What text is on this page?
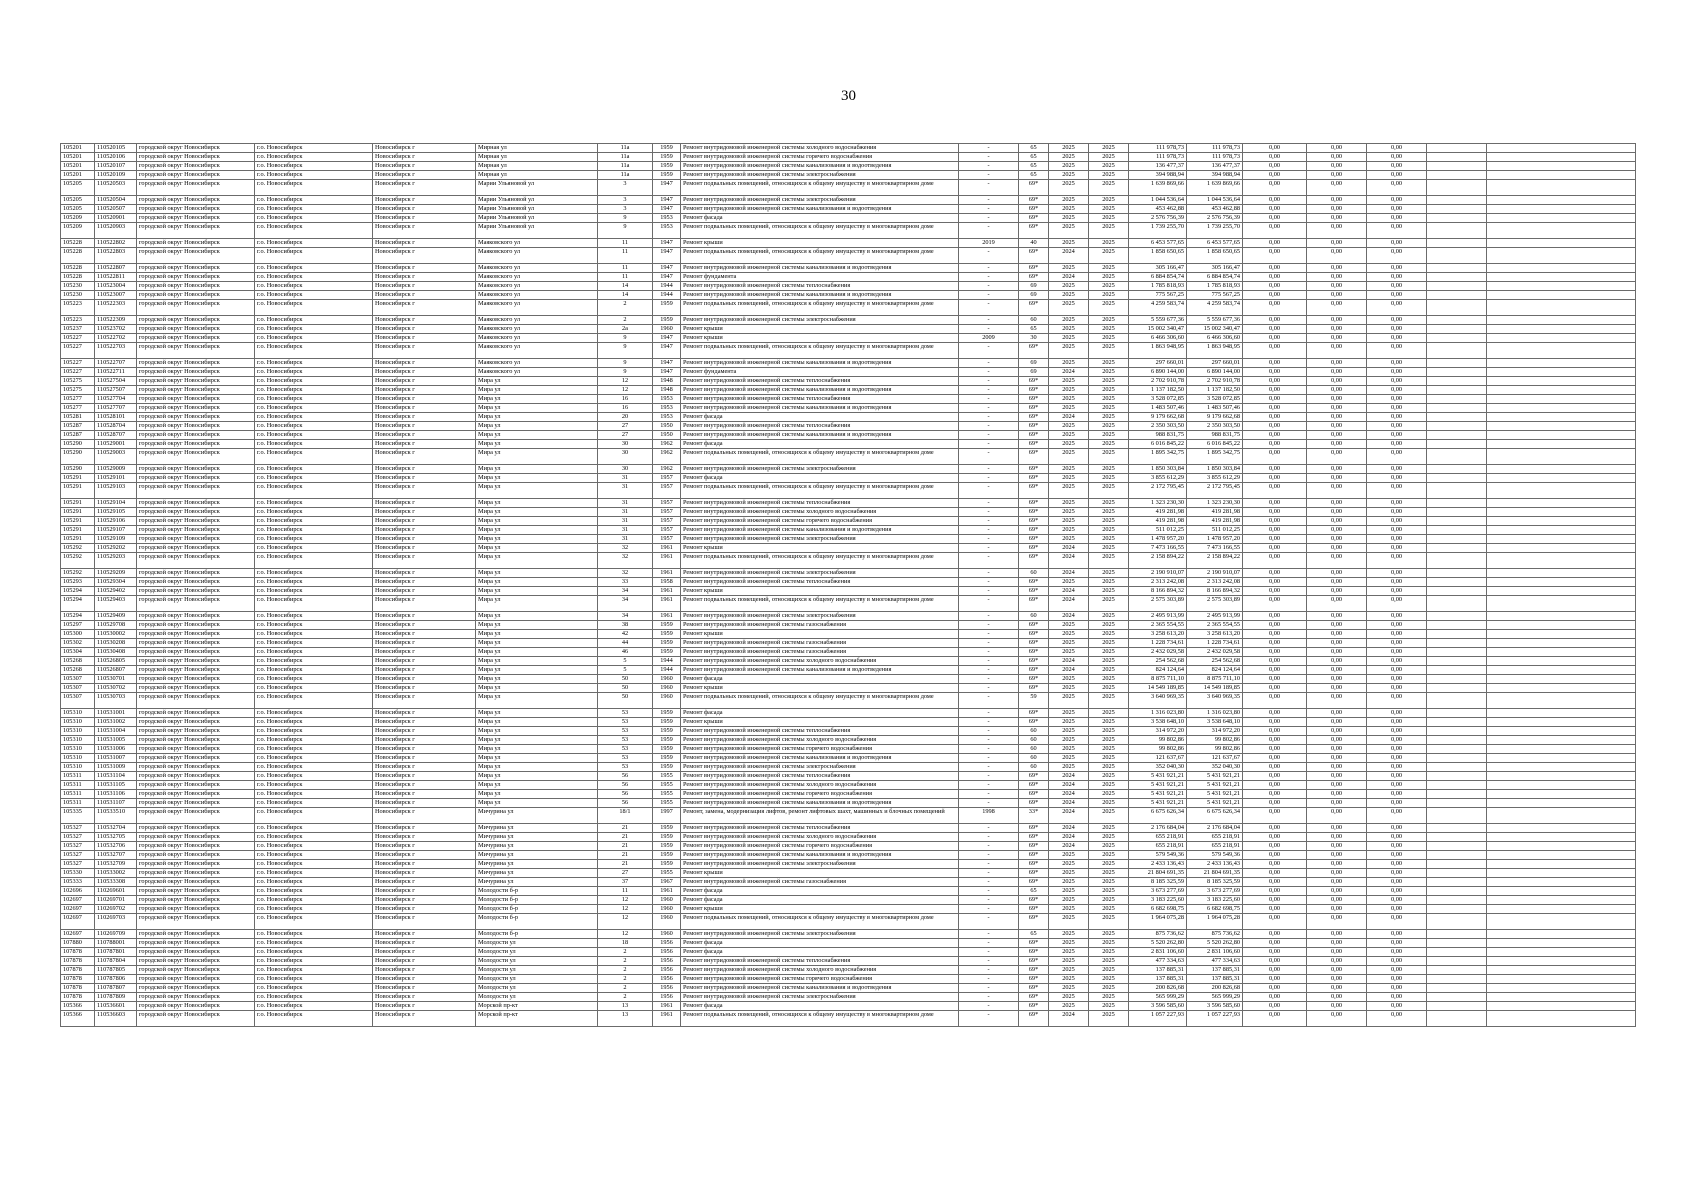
30
105201	110520105	городской округ Новосибирск	г.о. Новосибирск	Новосибирск г	Мирная ул	11а	1959	Ремонт внутридомовой инженерной системы холодного водоснабжения	-	65	2025	2025	111 978,73	111 978,73	0,00	0,00	0,00		
105201	110520106	городской округ Новосибирск	г.о. Новосибирск	Новосибирск г	Мирная ул	11а	1959	Ремонт внутридомовой инженерной системы горячего водоснабжения	-	65	2025	2025	111 978,73	111 978,73	0,00	0,00	0,00		
105201	110520107	городской округ Новосибирск	г.о. Новосибирск	Новосибирск г	Мирная ул	11а	1959	Ремонт внутридомовой инженерной системы канализования и водоотведения	-	65	2025	2025	136 477,37	136 477,37	0,00	0,00	0,00		
105201	110520109	городской округ Новосибирск	г.о. Новосибирск	Новосибирск г	Мирная ул	11а	1959	Ремонт внутридомовой инженерной системы электроснабжения	-	65	2025	2025	394 988,94	394 988,94	0,00	0,00	0,00		
105205	110520503	городской округ Новосибирск	г.о. Новосибирск	Новосибирск г	Марии Ульяновой ул	3	1947	Ремонт подвальных помещений, относящихся к общему имуществу в многоквартирном доме	-	69*	2025	2025	1 639 869,66	1 639 869,66	0,00	0,00	0,00		
105205	110520504	городской округ Новосибирск	г.о. Новосибирск	Новосибирск г	Марии Ульяновой ул	3	1947	Ремонт внутридомовой инженерной системы электроснабжения	-	69*	2025	2025	1 044 536,64	1 044 536,64	0,00	0,00	0,00		
105205	110520507	городской округ Новосибирск	г.о. Новосибирск	Новосибирск г	Марии Ульяновой ул	3	1947	Ремонт внутридомовой инженерной системы канализования и водоотведения	-	69*	2025	2025	453 462,88	453 462,88	0,00	0,00	0,00		
105209	110520901	городской округ Новосибирск	г.о. Новосибирск	Новосибирск г	Марии Ульяновой ул	9	1953	Ремонт фасада	-	69*	2025	2025	2 576 756,39	2 576 756,39	0,00	0,00	0,00		
105209	110520903	городской округ Новосибирск	г.о. Новосибирск	Новосибирск г	Марии Ульяновой ул	9	1953	Ремонт подвальных помещений, относящихся к общему имуществу в многоквартирном доме	-	69*	2025	2025	1 739 255,70	1 739 255,70	0,00	0,00	0,00		
105228	110522802	городской округ Новосибирск	г.о. Новосибирск	Новосибирск г	Маяковского ул	11	1947	Ремонт крыши	2019	40	2025	2025	6 453 577,65	6 453 577,65	0,00	0,00	0,00		
105228	110522803	городской округ Новосибирск	г.о. Новосибирск	Новосибирск г	Маяковского ул	11	1947	Ремонт подвальных помещений, относящихся к общему имуществу в многоквартирном доме	-	69*	2024	2025	1 858 650,65	1 858 650,65	0,00	0,00	0,00		
105228	110522807	городской округ Новосибирск	г.о. Новосибирск	Новосибирск г	Маяковского ул	11	1947	Ремонт внутридомовой инженерной системы канализования и водоотведения	-	69*	2025	2025	305 166,47	305 166,47	0,00	0,00	0,00		
105228	110522811	городской округ Новосибирск	г.о. Новосибирск	Новосибирск г	Маяковского ул	11	1947	Ремонт фундамента	-	69*	2024	2025	6 884 854,74	6 884 854,74	0,00	0,00	0,00		
105230	110523004	городской округ Новосибирск	г.о. Новосибирск	Новосибирск г	Маяковского ул	14	1944	Ремонт внутридомовой инженерной системы теплоснабжения	-	69	2025	2025	1 785 818,93	1 785 818,93	0,00	0,00	0,00		
105230	110523007	городской округ Новосибирск	г.о. Новосибирск	Новосибирск г	Маяковского ул	14	1944	Ремонт внутридомовой инженерной системы канализования и водоотведения	-	69	2025	2025	775 567,25	775 567,25	0,00	0,00	0,00		
105223	110522303	городской округ Новосибирск	г.о. Новосибирск	Новосибирск г	Маяковского ул	2	1959	Ремонт подвальных помещений, относящихся к общему имуществу в многоквартирном доме	-	69*	2025	2025	4 259 583,74	4 259 583,74	0,00	0,00	0,00		
105223	110522309	городской округ Новосибирск	г.о. Новосибирск	Новосибирск г	Маяковского ул	2	1959	Ремонт внутридомовой инженерной системы электроснабжения	-	60	2025	2025	5 559 677,36	5 559 677,36	0,00	0,00	0,00		
105237	110523702	городской округ Новосибирск	г.о. Новосибирск	Новосибирск г	Маяковского ул	2а	1960	Ремонт крыши	-	65	2025	2025	15 002 340,47	15 002 340,47	0,00	0,00	0,00		
105227	110522702	городской округ Новосибирск	г.о. Новосибирск	Новосибирск г	Маяковского ул	9	1947	Ремонт крыши	2009	30	2025	2025	6 466 306,60	6 466 306,60	0,00	0,00	0,00		
105227	110522703	городской округ Новосибирск	г.о. Новосибирск	Новосибирск г	Маяковского ул	9	1947	Ремонт подвальных помещений, относящихся к общему имуществу в многоквартирном доме	-	69*	2025	2025	1 863 948,95	1 863 948,95	0,00	0,00	0,00		
105227	110522707	городской округ Новосибирск	г.о. Новосибирск	Новосибирск г	Маяковского ул	9	1947	Ремонт внутридомовой инженерной системы канализования и водоотведения	-	69	2025	2025	297 660,01	297 660,01	0,00	0,00	0,00		
105227	110522711	городской округ Новосибирск	г.о. Новосибирск	Новосибирск г	Маяковского ул	9	1947	Ремонт фундамента	-	69	2024	2025	6 890 144,00	6 890 144,00	0,00	0,00	0,00		
105275	110527504	городской округ Новосибирск	г.о. Новосибирск	Новосибирск г	Мира ул	12	1948	Ремонт внутридомовой инженерной системы теплоснабжения	-	69*	2025	2025	2 702 910,78	2 702 910,78	0,00	0,00	0,00		
105275	110527507	городской округ Новосибирск	г.о. Новосибирск	Новосибирск г	Мира ул	12	1948	Ремонт внутридомовой инженерной системы канализования и водоотведения	-	69*	2025	2025	1 137 182,50	1 137 182,50	0,00	0,00	0,00		
105277	110527704	городской округ Новосибирск	г.о. Новосибирск	Новосибирск г	Мира ул	16	1953	Ремонт внутридомовой инженерной системы теплоснабжения	-	69*	2025	2025	3 528 072,85	3 528 072,85	0,00	0,00	0,00		
105277	110527707	городской округ Новосибирск	г.о. Новосибирск	Новосибирск г	Мира ул	16	1953	Ремонт внутридомовой инженерной системы канализования и водоотведения	-	69*	2025	2025	1 483 507,46	1 483 507,46	0,00	0,00	0,00		
105281	110528101	городской округ Новосибирск	г.о. Новосибирск	Новосибирск г	Мира ул	20	1953	Ремонт фасада	-	69*	2024	2025	9 179 662,68	9 179 662,68	0,00	0,00	0,00		
105287	110528704	городской округ Новосибирск	г.о. Новосибирск	Новосибирск г	Мира ул	27	1950	Ремонт внутридомовой инженерной системы теплоснабжения	-	69*	2025	2025	2 350 303,50	2 350 303,50	0,00	0,00	0,00		
105287	110528707	городской округ Новосибирск	г.о. Новосибирск	Новосибирск г	Мира ул	27	1950	Ремонт внутридомовой инженерной системы канализования и водоотведения	-	69*	2025	2025	988 831,75	988 831,75	0,00	0,00	0,00		
105290	110529001	городской округ Новосибирск	г.о. Новосибирск	Новосибирск г	Мира ул	30	1962	Ремонт фасада	-	69*	2025	2025	6 016 845,22	6 016 845,22	0,00	0,00	0,00		
105290	110529003	городской округ Новосибирск	г.о. Новосибирск	Новосибирск г	Мира ул	30	1962	Ремонт подвальных помещений, относящихся к общему имуществу в многоквартирном доме	-	69*	2025	2025	1 895 342,75	1 895 342,75	0,00	0,00	0,00		
105290	110529009	городской округ Новосибирск	г.о. Новосибирск	Новосибирск г	Мира ул	30	1962	Ремонт внутридомовой инженерной системы электроснабжения	-	69*	2025	2025	1 850 303,84	1 850 303,84	0,00	0,00	0,00		
105291	110529101	городской округ Новосибирск	г.о. Новосибирск	Новосибирск г	Мира ул	31	1957	Ремонт фасада	-	69*	2025	2025	3 855 612,29	3 855 612,29	0,00	0,00	0,00		
105291	110529103	городской округ Новосибирск	г.о. Новосибирск	Новосибирск г	Мира ул	31	1957	Ремонт подвальных помещений, относящихся к общему имуществу в многоквартирном доме	-	69*	2025	2025	2 172 795,45	2 172 795,45	0,00	0,00	0,00		
105291	110529104	городской округ Новосибирск	г.о. Новосибирск	Новосибирск г	Мира ул	31	1957	Ремонт внутридомовой инженерной системы теплоснабжения	-	69*	2025	2025	1 323 230,30	1 323 230,30	0,00	0,00	0,00		
105291	110529105	городской округ Новосибирск	г.о. Новосибирск	Новосибирск г	Мира ул	31	1957	Ремонт внутридомовой инженерной системы холодного водоснабжения	-	69*	2025	2025	419 281,98	419 281,98	0,00	0,00	0,00		
105291	110529106	городской округ Новосибирск	г.о. Новосибирск	Новосибирск г	Мира ул	31	1957	Ремонт внутридомовой инженерной системы горячего водоснабжения	-	69*	2025	2025	419 281,98	419 281,98	0,00	0,00	0,00		
105291	110529107	городской округ Новосибирск	г.о. Новосибирск	Новосибирск г	Мира ул	31	1957	Ремонт внутридомовой инженерной системы канализования и водоотведения	-	69*	2025	2025	511 012,25	511 012,25	0,00	0,00	0,00		
105291	110529109	городской округ Новосибирск	г.о. Новосибирск	Новосибирск г	Мира ул	31	1957	Ремонт внутридомовой инженерной системы электроснабжения	-	69*	2025	2025	1 478 957,20	1 478 957,20	0,00	0,00	0,00		
105292	110529202	городской округ Новосибирск	г.о. Новосибирск	Новосибирск г	Мира ул	32	1961	Ремонт крыши	-	69*	2024	2025	7 473 166,55	7 473 166,55	0,00	0,00	0,00		
105292	110529203	городской округ Новосибирск	г.о. Новосибирск	Новосибирск г	Мира ул	32	1961	Ремонт подвальных помещений, относящихся к общему имуществу в многоквартирном доме	-	69*	2024	2025	2 158 894,22	2 158 894,22	0,00	0,00	0,00		
105292	110529209	городской округ Новосибирск	г.о. Новосибирск	Новосибирск г	Мира ул	32	1961	Ремонт внутридомовой инженерной системы электроснабжения	-	60	2024	2025	2 190 910,07	2 190 910,07	0,00	0,00	0,00		
105293	110529304	городской округ Новосибирск	г.о. Новосибирск	Новосибирск г	Мира ул	33	1958	Ремонт внутридомовой инженерной системы теплоснабжения	-	69*	2025	2025	2 313 242,08	2 313 242,08	0,00	0,00	0,00		
105294	110529402	городской округ Новосибирск	г.о. Новосибирск	Новосибирск г	Мира ул	34	1961	Ремонт крыши	-	69*	2024	2025	8 166 894,32	8 166 894,32	0,00	0,00	0,00		
105294	110529403	городской округ Новосибирск	г.о. Новосибирск	Новосибирск г	Мира ул	34	1961	Ремонт подвальных помещений, относящихся к общему имуществу в многоквартирном доме	-	69*	2024	2025	2 575 303,89	2 575 303,89	0,00	0,00	0,00		
105294	110529409	городской округ Новосибирск	г.о. Новосибирск	Новосибирск г	Мира ул	34	1961	Ремонт внутридомовой инженерной системы электроснабжения	-	60	2024	2025	2 495 913,99	2 495 913,99	0,00	0,00	0,00		
105297	110529708	городской округ Новосибирск	г.о. Новосибирск	Новосибирск г	Мира ул	38	1959	Ремонт внутридомовой инженерной системы газоснабжения	-	69*	2025	2025	2 365 554,55	2 365 554,55	0,00	0,00	0,00		
105300	110530002	городской округ Новосибирск	г.о. Новосибирск	Новосибирск г	Мира ул	42	1959	Ремонт крыши	-	69*	2025	2025	3 258 613,20	3 258 613,20	0,00	0,00	0,00		
105302	110530208	городской округ Новосибирск	г.о. Новосибирск	Новосибирск г	Мира ул	44	1959	Ремонт внутридомовой инженерной системы газоснабжения	-	69*	2025	2025	1 228 734,61	1 228 734,61	0,00	0,00	0,00		
105304	110530408	городской округ Новосибирск	г.о. Новосибирск	Новосибирск г	Мира ул	46	1959	Ремонт внутридомовой инженерной системы газоснабжения	-	69*	2025	2025	2 432 029,58	2 432 029,58	0,00	0,00	0,00		
105268	110526805	городской округ Новосибирск	г.о. Новосибирск	Новосибирск г	Мира ул	5	1944	Ремонт внутридомовой инженерной системы холодного водоснабжения	-	69*	2024	2025	254 562,68	254 562,68	0,00	0,00	0,00		
105268	110526807	городской округ Новосибирск	г.о. Новосибирск	Новосибирск г	Мира ул	5	1944	Ремонт внутридомовой инженерной системы канализования и водоотведения	-	69*	2024	2025	824 124,64	824 124,64	0,00	0,00	0,00		
105307	110530701	городской округ Новосибирск	г.о. Новосибирск	Новосибирск г	Мира ул	50	1960	Ремонт фасада	-	69*	2025	2025	8 875 711,10	8 875 711,10	0,00	0,00	0,00		
105307	110530702	городской округ Новосибирск	г.о. Новосибирск	Новосибирск г	Мира ул	50	1960	Ремонт крыши	-	69*	2025	2025	14 549 189,85	14 549 189,85	0,00	0,00	0,00		
105307	110530703	городской округ Новосибирск	г.о. Новосибирск	Новосибирск г	Мира ул	50	1960	Ремонт подвальных помещений, относящихся к общему имуществу в многоквартирном доме	-	59	2025	2025	3 640 969,35	3 640 969,35	0,00	0,00	0,00		
105310	110531001	городской округ Новосибирск	г.о. Новосибирск	Новосибирск г	Мира ул	53	1959	Ремонт фасада	-	69*	2025	2025	1 316 023,80	1 316 023,80	0,00	0,00	0,00		
105310	110531002	городской округ Новосибирск	г.о. Новосибирск	Новосибирск г	Мира ул	53	1959	Ремонт крыши	-	69*	2025	2025	3 538 648,10	3 538 648,10	0,00	0,00	0,00		
105310	110531004	городской округ Новосибирск	г.о. Новосибирск	Новосибирск г	Мира ул	53	1959	Ремонт внутридомовой инженерной системы теплоснабжения	-	60	2025	2025	314 972,20	314 972,20	0,00	0,00	0,00		
105310	110531005	городской округ Новосибирск	г.о. Новосибирск	Новосибирск г	Мира ул	53	1959	Ремонт внутридомовой инженерной системы холодного водоснабжения	-	60	2025	2025	99 802,86	99 802,86	0,00	0,00	0,00		
105310	110531006	городской округ Новосибирск	г.о. Новосибирск	Новосибирск г	Мира ул	53	1959	Ремонт внутридомовой инженерной системы горячего водоснабжения	-	60	2025	2025	99 802,86	99 802,86	0,00	0,00	0,00		
105310	110531007	городской округ Новосибирск	г.о. Новосибирск	Новосибирск г	Мира ул	53	1959	Ремонт внутридомовой инженерной системы канализования и водоотведения	-	60	2025	2025	121 637,67	121 637,67	0,00	0,00	0,00		
105310	110531009	городской округ Новосибирск	г.о. Новосибирск	Новосибирск г	Мира ул	53	1959	Ремонт внутридомовой инженерной системы электроснабжения	-	60	2025	2025	352 040,30	352 040,30	0,00	0,00	0,00		
105311	110531104	городской округ Новосибирск	г.о. Новосибирск	Новосибирск г	Мира ул	56	1955	Ремонт внутридомовой инженерной системы теплоснабжения	-	69*	2024	2025	5 431 921,21	5 431 921,21	0,00	0,00	0,00		
105311	110531105	городской округ Новосибирск	г.о. Новосибирск	Новосибирск г	Мира ул	56	1955	Ремонт внутридомовой инженерной системы холодного водоснабжения	-	69*	2024	2025	5 431 921,21	5 431 921,21	0,00	0,00	0,00		
105311	110531106	городской округ Новосибирск	г.о. Новосибирск	Новосибирск г	Мира ул	56	1955	Ремонт внутридомовой инженерной системы горячего водоснабжения	-	69*	2024	2025	5 431 921,21	5 431 921,21	0,00	0,00	0,00		
105311	110531107	городской округ Новосибирск	г.о. Новосибирск	Новосибирск г	Мира ул	56	1955	Ремонт внутридомовой инженерной системы канализования и водоотведения	-	69*	2024	2025	5 431 921,21	5 431 921,21	0,00	0,00	0,00		
105335	110533510	городской округ Новосибирск	г.о. Новосибирск	Новосибирск г	Мичурина ул	18/1	1997	Ремонт, замена, модернизация лифтов, ремонт лифтовых шахт, машинных и блочных помещений	1998	33*	2024	2025	6 675 626,34	6 675 626,34	0,00	0,00	0,00		
105327	110532704	городской округ Новосибирск	г.о. Новосибирск	Новосибирск г	Мичурина ул	21	1959	Ремонт внутридомовой инженерной системы теплоснабжения	-	69*	2024	2025	2 176 684,04	2 176 684,04	0,00	0,00	0,00		
105327	110532705	городской округ Новосибирск	г.о. Новосибирск	Новосибирск г	Мичурина ул	21	1959	Ремонт внутридомовой инженерной системы холодного водоснабжения	-	69*	2024	2025	655 218,91	655 218,91	0,00	0,00	0,00		
105327	110532706	городской округ Новосибирск	г.о. Новосибирск	Новосибирск г	Мичурина ул	21	1959	Ремонт внутридомовой инженерной системы горячего водоснабжения	-	69*	2024	2025	655 218,91	655 218,91	0,00	0,00	0,00		
105327	110532707	городской округ Новосибирск	г.о. Новосибирск	Новосибирск г	Мичурина ул	21	1959	Ремонт внутридомовой инженерной системы канализования и водоотведения	-	69*	2025	2025	579 549,36	579 549,36	0,00	0,00	0,00		
105327	110532709	городской округ Новосибирск	г.о. Новосибирск	Новосибирск г	Мичурина ул	21	1959	Ремонт внутридомовой инженерной системы электроснабжения	-	69*	2025	2025	2 433 136,43	2 433 136,43	0,00	0,00	0,00		
105330	110533002	городской округ Новосибирск	г.о. Новосибирск	Новосибирск г	Мичурина ул	27	1955	Ремонт крыши	-	69*	2025	2025	21 804 691,35	21 804 691,35	0,00	0,00	0,00		
105333	110533308	городской округ Новосибирск	г.о. Новосибирск	Новосибирск г	Мичурина ул	37	1967	Ремонт внутридомовой инженерной системы газоснабжения	-	69*	2025	2025	8 185 325,59	8 185 325,59	0,00	0,00	0,00		
102696	110269601	городской округ Новосибирск	г.о. Новосибирск	Новосибирск г	Молодости б-р	11	1961	Ремонт фасада	-	65	2025	2025	3 673 277,69	3 673 277,69	0,00	0,00	0,00		
102697	110269701	городской округ Новосибирск	г.о. Новосибирск	Новосибирск г	Молодости б-р	12	1960	Ремонт фасада	-	69*	2025	2025	3 183 225,60	3 183 225,60	0,00	0,00	0,00		
102697	110269702	городской округ Новосибирск	г.о. Новосибирск	Новосибирск г	Молодости б-р	12	1960	Ремонт крыши	-	69*	2025	2025	6 682 698,75	6 682 698,75	0,00	0,00	0,00		
102697	110269703	городской округ Новосибирск	г.о. Новосибирск	Новосибирск г	Молодости б-р	12	1960	Ремонт подвальных помещений, относящихся к общему имуществу в многоквартирном доме	-	69*	2025	2025	1 964 075,28	1 964 075,28	0,00	0,00	0,00		
102697	110269709	городской округ Новосибирск	г.о. Новосибирск	Новосибирск г	Молодости б-р	12	1960	Ремонт внутридомовой инженерной системы электроснабжения	-	65	2025	2025	875 736,62	875 736,62	0,00	0,00	0,00		
107880	110788001	городской округ Новосибирск	г.о. Новосибирск	Новосибирск г	Молодости ул	18	1956	Ремонт фасада	-	69*	2025	2025	5 520 262,80	5 520 262,80	0,00	0,00	0,00		
107878	110787801	городской округ Новосибирск	г.о. Новосибирск	Новосибирск г	Молодости ул	2	1956	Ремонт фасада	-	69*	2025	2025	2 831 106,60	2 831 106,60	0,00	0,00	0,00		
107878	110787804	городской округ Новосибирск	г.о. Новосибирск	Новосибирск г	Молодости ул	2	1956	Ремонт внутридомовой инженерной системы теплоснабжения	-	69*	2025	2025	477 334,63	477 334,63	0,00	0,00	0,00		
107878	110787805	городской округ Новосибирск	г.о. Новосибирск	Новосибирск г	Молодости ул	2	1956	Ремонт внутридомовой инженерной системы холодного водоснабжения	-	69*	2025	2025	137 885,31	137 885,31	0,00	0,00	0,00		
107878	110787806	городской округ Новосибирск	г.о. Новосибирск	Новосибирск г	Молодости ул	2	1956	Ремонт внутридомовой инженерной системы горячего водоснабжения	-	69*	2025	2025	137 885,31	137 885,31	0,00	0,00	0,00		
107878	110787807	городской округ Новосибирск	г.о. Новосибирск	Новосибирск г	Молодости ул	2	1956	Ремонт внутридомовой инженерной системы канализования и водоотведения	-	69*	2025	2025	200 826,68	200 826,68	0,00	0,00	0,00		
107878	110787809	городской округ Новосибирск	г.о. Новосибирск	Новосибирск г	Молодости ул	2	1956	Ремонт внутридомовой инженерной системы электроснабжения	-	69*	2025	2025	565 999,29	565 999,29	0,00	0,00	0,00		
105366	110536601	городской округ Новосибирск	г.о. Новосибирск	Новосибирск г	Морской пр-кт	13	1961	Ремонт фасада	-	69*	2025	2025	3 596 585,60	3 596 585,60	0,00	0,00	0,00		
105366	110536603	городской округ Новосибирск	г.о. Новосибирск	Новосибирск г	Морской пр-кт	13	1961	Ремонт подвальных помещений, относящихся к общему имуществу в многоквартирном доме	-	69*	2024	2025	1 057 227,93	1 057 227,93	0,00	0,00	0,00		
